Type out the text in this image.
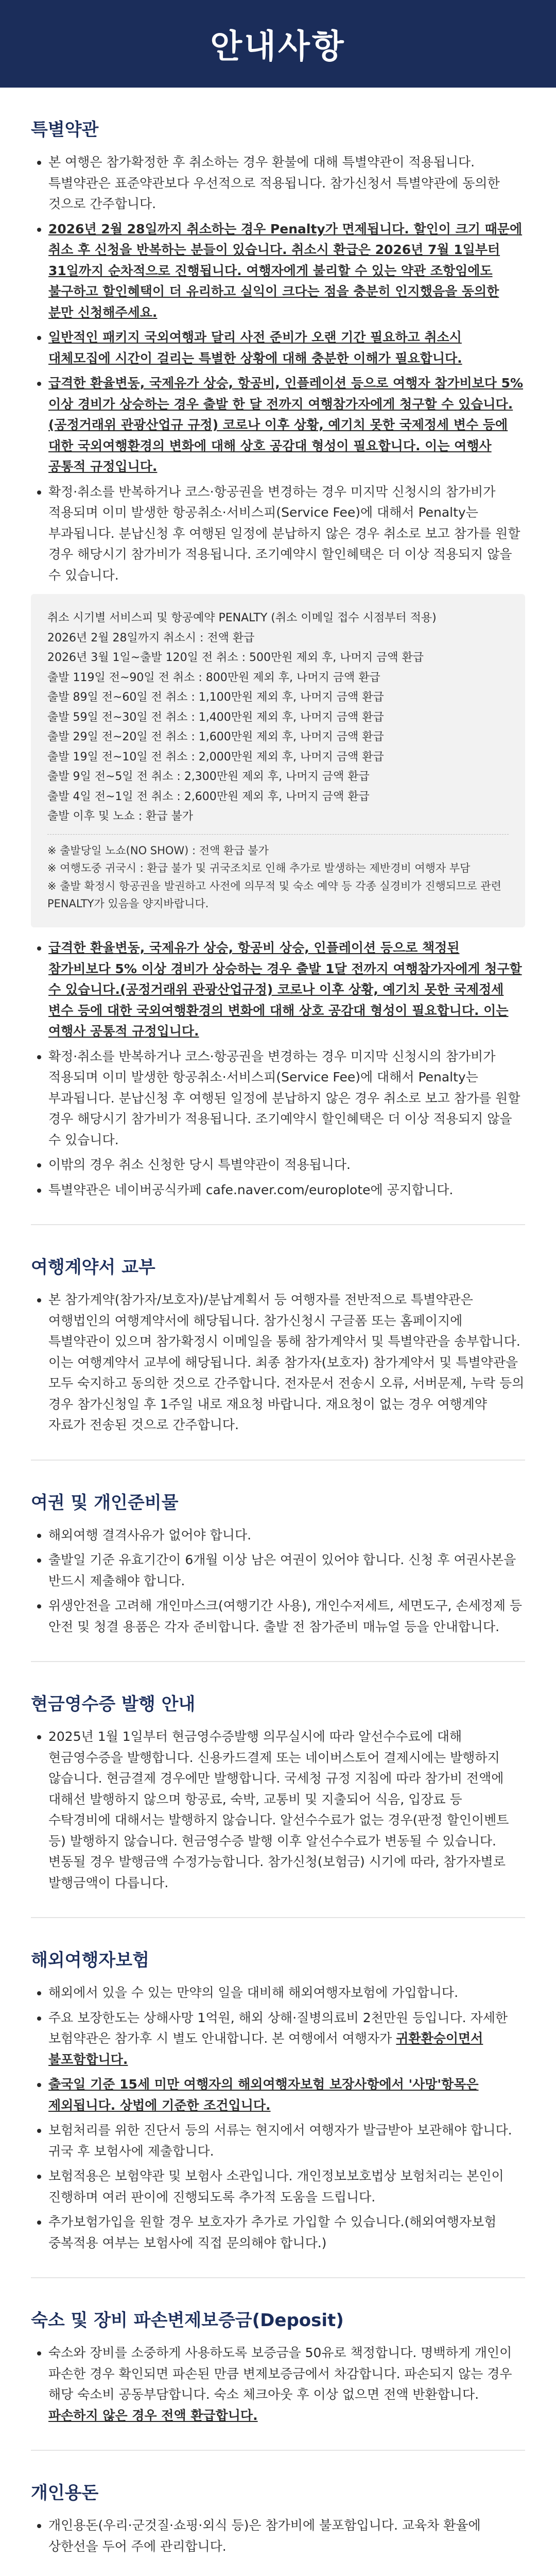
안내사항
특별약관
• 본 여행은 참가확정한 후 취소하는 경우 환불에 대해 특별약관이 적용됩니다. 특별약관은 표준약관보다 우선적으로 적용됩니다. 참가신청서 특별약관에 동의한 것으로 간주합니다.
• 2026년 2월 28일까지 취소하는 경우 Penalty가 면제됩니다. 할인이 크기 때문에 취소 후 신청을 반복하는 분들이 있습니다. 취소시 환급은 2026년 7월 1일부터 31일까지 순차적으로 진행됩니다. 여행자에게 불리할 수 있는 약관 조항임에도 불구하고 할인혜택이 더 유리하고 실익이 크다는 점을 충분히 인지했음을 동의한 분만 신청해주세요.
• 일반적인 패키지 국외여행과 달리 사전 준비가 오랜 기간 필요하고 취소시 대체모집에 시간이 걸리는 특별한 상황에 대해 충분한 이해가 필요합니다.
• 급격한 환율변동, 국제유가 상승, 항공비, 인플레이션 등으로 여행자 참가비보다 5% 이상 경비가 상승하는 경우 출발 한 달 전까지 여행참가자에게 청구할 수 있습니다. (공정거래위 관광산업규 규정) 코로나 이후 상황, 예기치 못한 국제정세 변수 등에 대한 국외여행환경의 변화에 대해 상호 공감대 형성이 필요합니다. 이는 여행사 공통적 규정입니다.
• 확정·취소를 반복하거나 코스·항공권을 변경하는 경우 미지막 신청시의 참가비가 적용되며 이미 발생한 항공취소·서비스피(Service Fee)에 대해서 Penalty는 부과됩니다. 분납신청 후 여행된 일정에 분납하지 않은 경우 취소로 보고 참가를 원할 경우 해당시기 참가비가 적용됩니다. 조기예약시 할인혜택은 더 이상 적용되지 않을 수 있습니다.
취소 시기별 서비스피 및 항공예약 PENALTY (취소 이메일 접수 시점부터 적용)
2026년 2월 28일까지 취소시 : 전액 환급
2026년 3월 1일~출발 120일 전 취소 : 500만원 제외 후, 나머지 금액 환급
출발 119일 전~90일 전 취소 : 800만원 제외 후, 나머지 금액 환급
출발 89일 전~60일 전 취소 : 1,100만원 제외 후, 나머지 금액 환급
출발 59일 전~30일 전 취소 : 1,400만원 제외 후, 나머지 금액 환급
출발 29일 전~20일 전 취소 : 1,600만원 제외 후, 나머지 금액 환급
출발 19일 전~10일 전 취소 : 2,000만원 제외 후, 나머지 금액 환급
출발 9일 전~5일 전 취소 : 2,300만원 제외 후, 나머지 금액 환급
출발 4일 전~1일 전 취소 : 2,600만원 제외 후, 나머지 금액 환급
출발 이후 및 노쇼 : 환급 불가
※ 출발당일 노쇼(NO SHOW) : 전액 환급 불가
※ 여행도중 귀국시 : 환급 불가 및 귀국조치로 인해 추가로 발생하는 제반경비 여행자 부담
※ 출발 확정시 항공권을 발권하고 사전에 의무적 및 숙소 예약 등 각종 실경비가 진행되므로 관련 PENALTY가 있음을 양지바랍니다.
• 급격한 환율변동, 국제유가 상승, 항공비 상승, 인플레이션 등으로 책정된 참가비보다 5% 이상 경비가 상승하는 경우 출발 1달 전까지 여행참가자에게 청구할 수 있습니다.(공정거래위 관광산업규정) 코로나 이후 상황, 예기치 못한 국제정세 변수 등에 대한 국외여행환경의 변화에 대해 상호 공감대 형성이 필요합니다. 이는 여행사 공통적 규정입니다.
• 확정·취소를 반복하거나 코스·항공권을 변경하는 경우 미지막 신청시의 참가비가 적용되며 이미 발생한 항공취소·서비스피(Service Fee)에 대해서 Penalty는 부과됩니다. 분납신청 후 여행된 일정에 분납하지 않은 경우 취소로 보고 참가를 원할 경우 해당시기 참가비가 적용됩니다. 조기예약시 할인혜택은 더 이상 적용되지 않을 수 있습니다.
• 이밖의 경우 취소 신청한 당시 특별약관이 적용됩니다.
• 특별약관은 네이버공식카페 cafe.naver.com/europlote에 공지합니다.
여행계약서 교부
• 본 참가계약(참가자/보호자)/분납계획서 등 여행자를 전반적으로 특별약관은 여행법인의 여행계약서에 해당됩니다. 참가신청시 구글폼 또는 홈페이지에 특별약관이 있으며 참가확정시 이메일을 통해 참가계약서 및 특별약관을 송부합니다. 이는 여행계약서 교부에 해당됩니다. 최종 참가자(보호자) 참가계약서 및 특별약관을 모두 숙지하고 동의한 것으로 간주합니다. 전자문서 전송시 오류, 서버문제, 누락 등의 경우 참가신청일 후 1주일 내로 재요청 바랍니다. 재요청이 없는 경우 여행계약 자료가 전송된 것으로 간주합니다.
여권 및 개인준비물
• 해외여행 결격사유가 없어야 합니다.
• 출발일 기준 유효기간이 6개월 이상 남은 여권이 있어야 합니다. 신청 후 여권사본을 반드시 제출해야 합니다.
• 위생안전을 고려해 개인마스크(여행기간 사용), 개인수저세트, 세면도구, 손세정제 등 안전 및 청결 용품은 각자 준비합니다. 출발 전 참가준비 매뉴얼 등을 안내합니다.
현금영수증 발행 안내
• 2025년 1월 1일부터 현금영수증발행 의무실시에 따라 알선수수료에 대해 현금영수증을 발행합니다. 신용카드결제 또는 네이버스토어 결제시에는 발행하지 않습니다. 현금결제 경우에만 발행합니다. 국세청 규정 지침에 따라 참가비 전액에 대해선 발행하지 않으며 항공료, 숙박, 교통비 및 지출되어 식음, 입장료 등 수탁경비에 대해서는 발행하지 않습니다. 알선수수료가 없는 경우(판정 할인이벤트 등) 발행하지 않습니다. 현금영수증 발행 이후 알선수수료가 변동될 수 있습니다. 변동될 경우 발행금액 수정가능합니다. 참가신청(보험금) 시기에 따라, 참가자별로 발행금액이 다릅니다.
해외여행자보험
• 해외에서 있을 수 있는 만약의 일을 대비해 해외여행자보험에 가입합니다.
• 주요 보장한도는 상해사망 1억원, 해외 상해·질병의료비 2천만원 등입니다. 자세한 보험약관은 참가후 시 별도 안내합니다. 본 여행에서 여행자가 귀환환승이면서 불포함합니다.
• 출국일 기준 15세 미만 여행자의 해외여행자보험 보장사항에서 '사망'항목은 제외됩니다. 상법에 기준한 조건입니다.
• 보험처리를 위한 진단서 등의 서류는 현지에서 여행자가 발급받아 보관해야 합니다. 귀국 후 보험사에 제출합니다.
• 보험적용은 보험약관 및 보험사 소관입니다. 개인정보보호법상 보험처리는 본인이 진행하며 여러 판이에 진행되도록 추가적 도움을 드립니다.
• 추가보험가입을 원할 경우 보호자가 추가로 가입할 수 있습니다.(해외여행자보험 중복적용 여부는 보험사에 직접 문의해야 합니다.)
숙소 및 장비 파손변제보증금(Deposit)
• 숙소와 장비를 소중하게 사용하도록 보증금을 50유로 책정합니다. 명백하게 개인이 파손한 경우 확인되면 파손된 만큼 변제보증금에서 차감합니다. 파손되지 않는 경우 해당 숙소비 공동부담합니다. 숙소 체크아웃 후 이상 없으면 전액 반환합니다. 파손하지 않은 경우 전액 환급합니다.
개인용돈
• 개인용돈(우리·군것질·쇼핑·외식 등)은 참가비에 불포함입니다. 교육차 환율에 상한선을 두어 주에 관리합니다.
